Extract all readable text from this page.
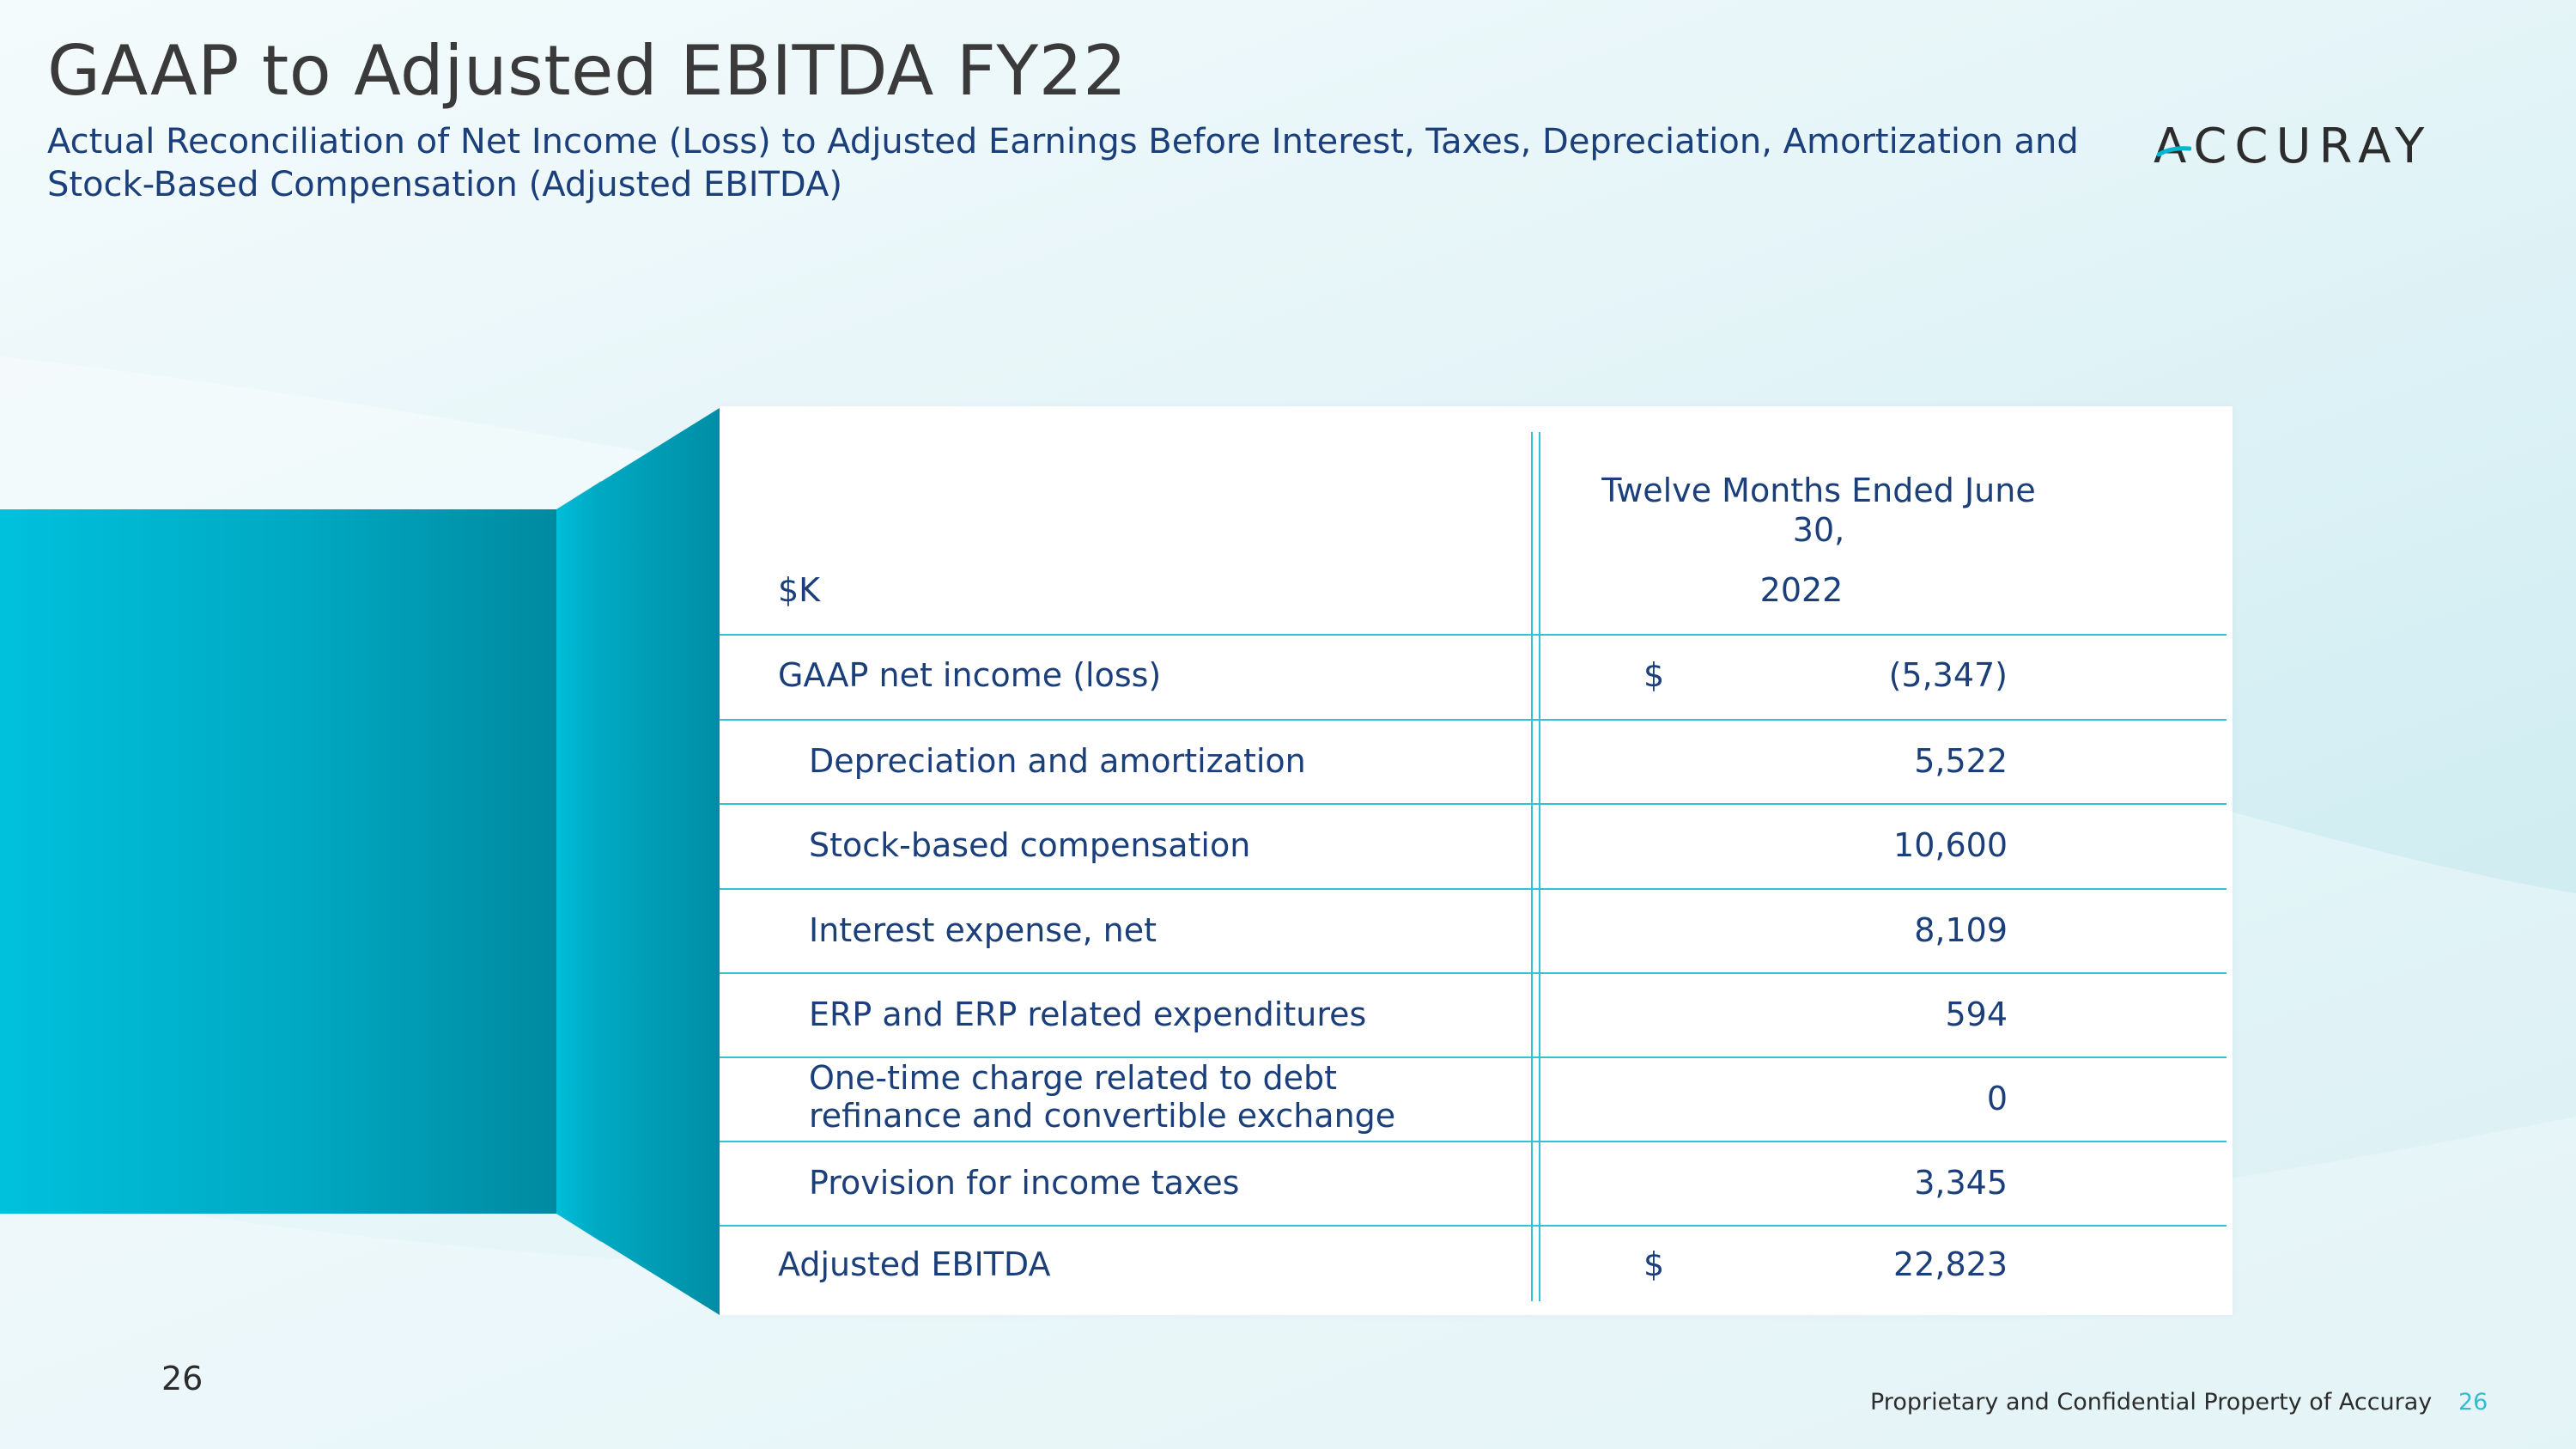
GAAP to Adjusted EBITDA FY22

Actual Reconciliation of Net Income (Loss) to Adjusted Earnings Before Interest, Taxes, Depreciation, Amortization and Stock-Based Compensation (Adjusted EBITDA)

ACCURAY
Twelve Months Ended June 30,
$K	2022
GAAP net income (loss)	$	(5,347)
Depreciation and amortization	5,522
Stock-based compensation	10,600
Interest expense, net	8,109
ERP and ERP related expenditures	594
One-time charge related to debt refinance and convertible exchange	0
Provision for income taxes	3,345
Adjusted EBITDA	$	22,823
26
Proprietary and Confidential Property of Accuray 26
